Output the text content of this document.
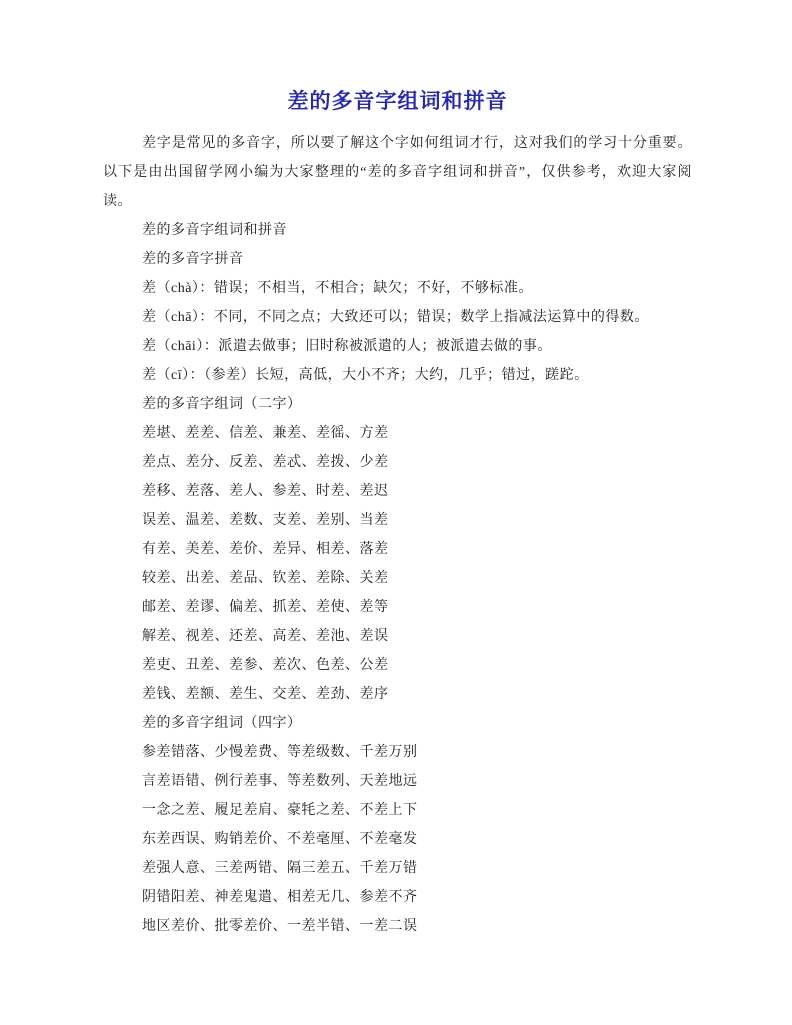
差的多音字组词和拼音

差字是常见的多音字，所以要了解这个字如何组词才行，这对我们的学习十分重要。以下是由出国留学网小编为大家整理的“差的多音字组词和拼音”，仅供参考，欢迎大家阅读。

差的多音字组词和拼音

差的多音字拼音

差（chà）：错误；不相当，不相合；缺欠；不好，不够标准。

差（chā）：不同，不同之点；大致还可以；错误；数学上指减法运算中的得数。

差（chāi）：派遣去做事；旧时称被派遣的人；被派遣去做的事。

差（cī）：（参差）长短，高低，大小不齐；大约，几乎；错过，蹉跎。

差的多音字组词（二字）

差堪、差差、信差、兼差、差徭、方差

差点、差分、反差、差忒、差拨、少差

差移、差落、差人、参差、时差、差迟

误差、温差、差数、支差、差别、当差

有差、美差、差价、差异、相差、落差

较差、出差、差品、钦差、差除、关差

邮差、差谬、偏差、抓差、差使、差等

解差、视差、还差、高差、差池、差误

差吏、丑差、差参、差次、色差、公差

差钱、差额、差生、交差、差劲、差序

差的多音字组词（四字）

参差错落、少慢差费、等差级数、千差万别

言差语错、例行差事、等差数列、天差地远

一念之差、履足差肩、豪牦之差、不差上下

东差西误、购销差价、不差毫厘、不差毫发

差强人意、三差两错、隔三差五、千差万错

阴错阳差、神差鬼遣、相差无几、参差不齐

地区差价、批零差价、一差半错、一差二误
